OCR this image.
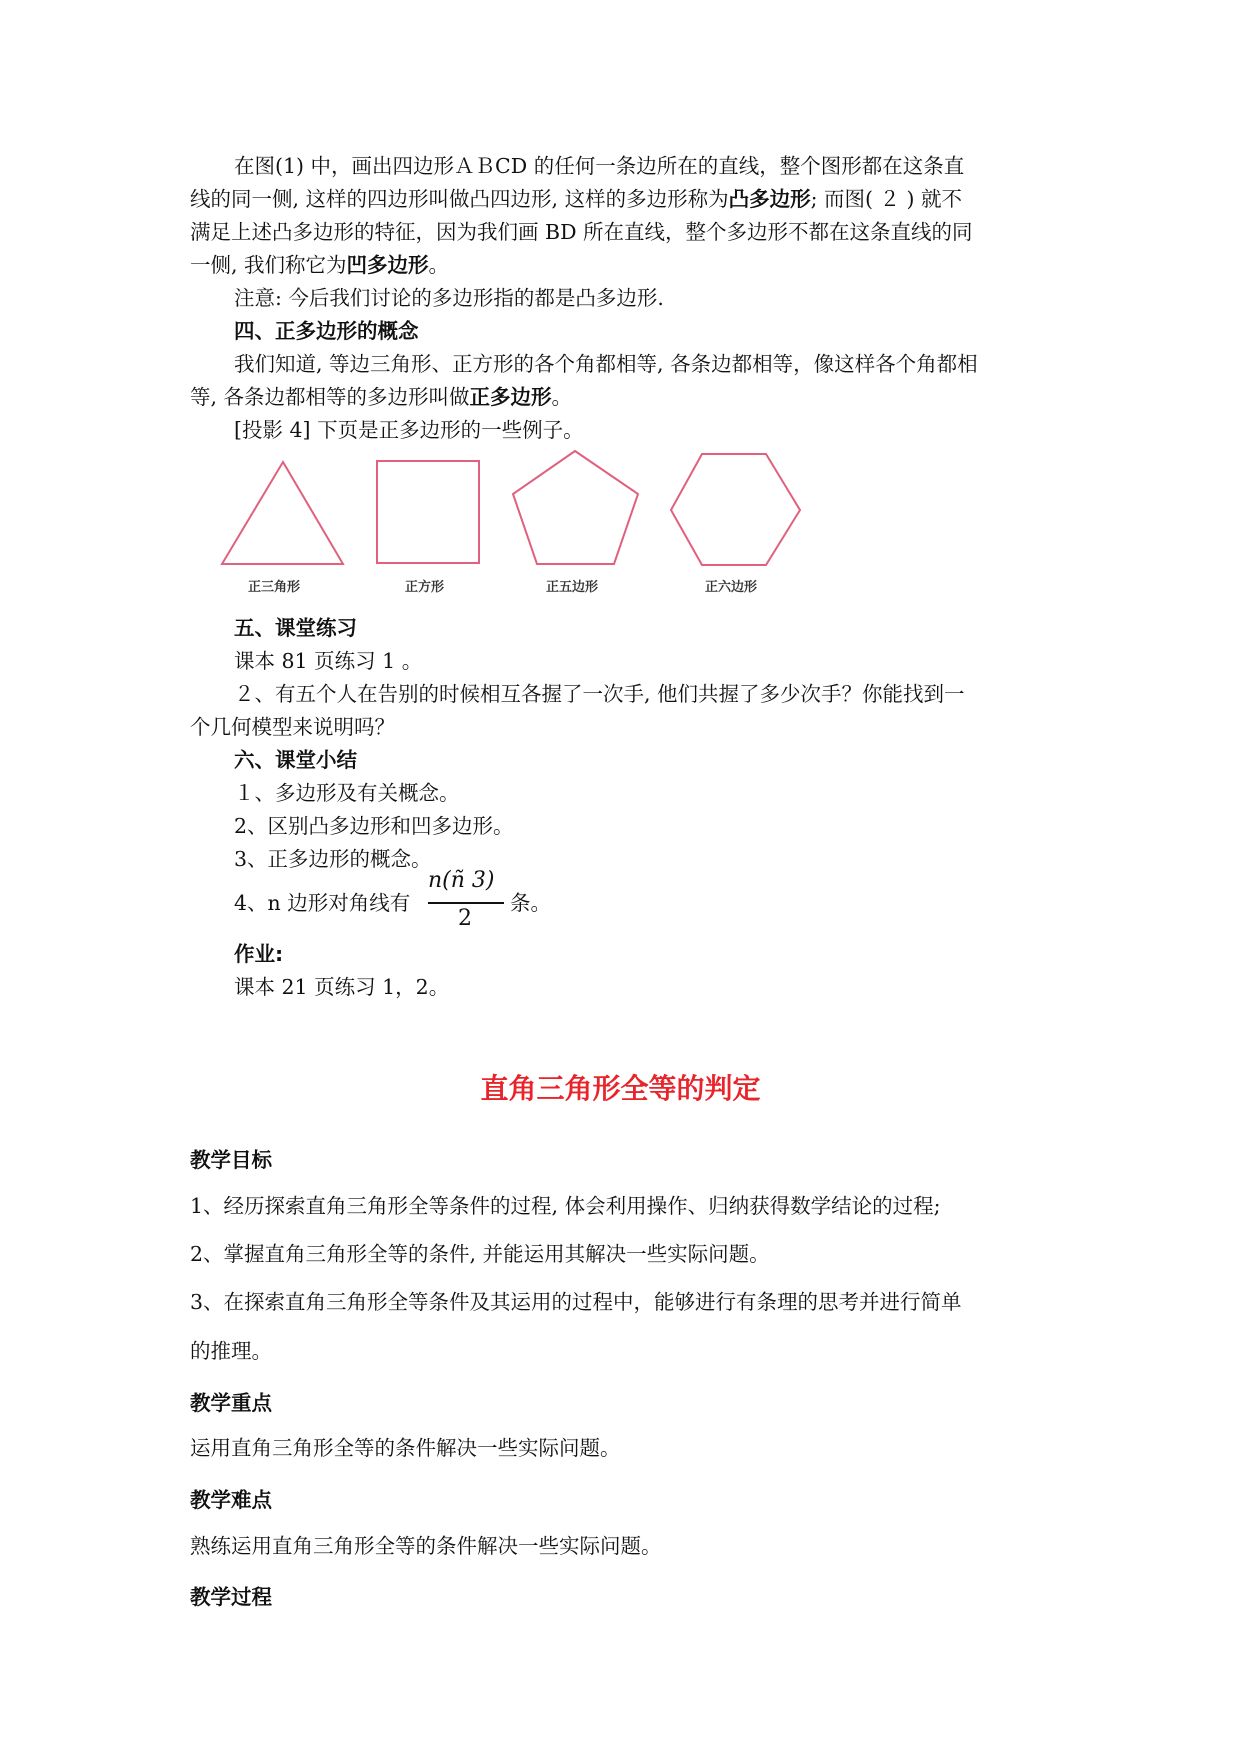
在图(1) 中，画出四边形ＡＢCD 的任何一条边所在的直线，整个图形都在这条直
线的同一侧, 这样的四边形叫做凸四边形, 这样的多边形称为凸多边形; 而图( ２ ) 就不
满足上述凸多边形的特征，因为我们画 BD 所在直线，整个多边形不都在这条直线的同
一侧, 我们称它为凹多边形。
注意: 今后我们讨论的多边形指的都是凸多边形.
四、正多边形的概念
我们知道, 等边三角形、正方形的各个角都相等, 各条边都相等，像这样各个角都相
等, 各条边都相等的多边形叫做正多边形。
[投影 4] 下页是正多边形的一些例子。
正三角形	正方形	正五边形	正六边形
五、课堂练习
课本 81 页练习 1 。
２、有五个人在告别的时候相互各握了一次手, 他们共握了多少次手？你能找到一
个几何模型来说明吗？
六、课堂小结
１、多边形及有关概念。
2、区别凸多边形和凹多边形。
3、正多边形的概念。
4、n 边形对角线有
n(ñ 3)
2
条。
作业:
课本 21 页练习 1，2。
直角三角形全等的判定
教学目标
1、经历探索直角三角形全等条件的过程, 体会利用操作、归纳获得数学结论的过程;
2、掌握直角三角形全等的条件, 并能运用其解决一些实际问题。
3、在探索直角三角形全等条件及其运用的过程中，能够进行有条理的思考并进行简单
的推理。
教学重点
运用直角三角形全等的条件解决一些实际问题。
教学难点
熟练运用直角三角形全等的条件解决一些实际问题。
教学过程
